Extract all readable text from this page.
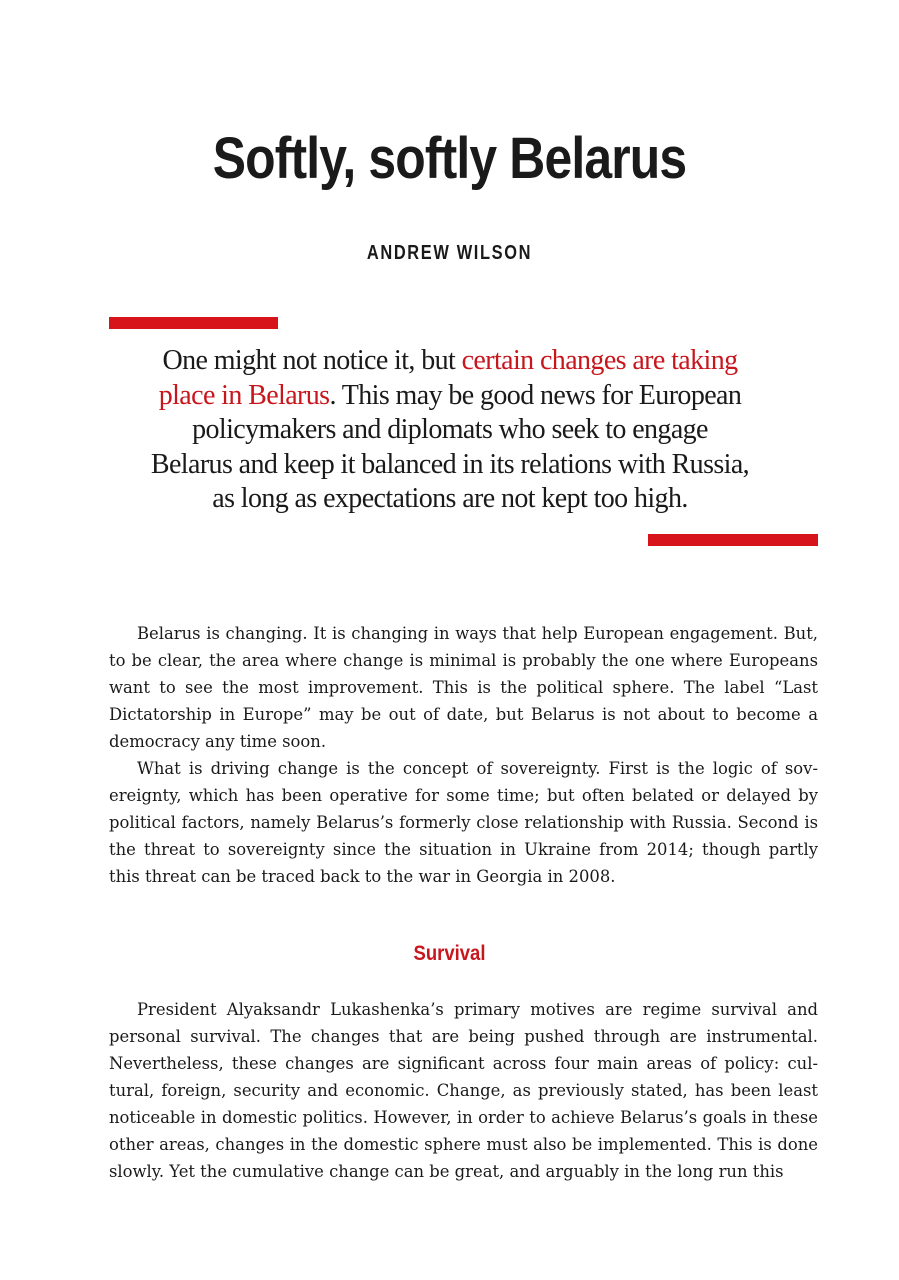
Softly, softly Belarus
ANDREW WILSON
One might not notice it, but certain changes are taking place in Belarus. This may be good news for European policymakers and diplomats who seek to engage Belarus and keep it balanced in its relations with Russia, as long as expectations are not kept too high.

Belarus is changing. It is changing in ways that help European engagement. But, to be clear, the area where change is minimal is probably the one where Europeans want to see the most improvement. This is the political sphere. The label “Last Dictatorship in Europe” may be out of date, but Belarus is not about to become a democracy any time soon.

What is driving change is the concept of sovereignty. First is the logic of sovereignty, which has been operative for some time; but often belated or delayed by political factors, namely Belarus’s formerly close relationship with Russia. Second is the threat to sovereignty since the situation in Ukraine from 2014; though partly this threat can be traced back to the war in Georgia in 2008.

Survival

President Alyaksandr Lukashenka’s primary motives are regime survival and personal survival. The changes that are being pushed through are instrumental. Nevertheless, these changes are significant across four main areas of policy: cultural, foreign, security and economic. Change, as previously stated, has been least noticeable in domestic politics. However, in order to achieve Belarus’s goals in these other areas, changes in the domestic sphere must also be implemented. This is done slowly. Yet the cumulative change can be great, and arguably in the long run this
